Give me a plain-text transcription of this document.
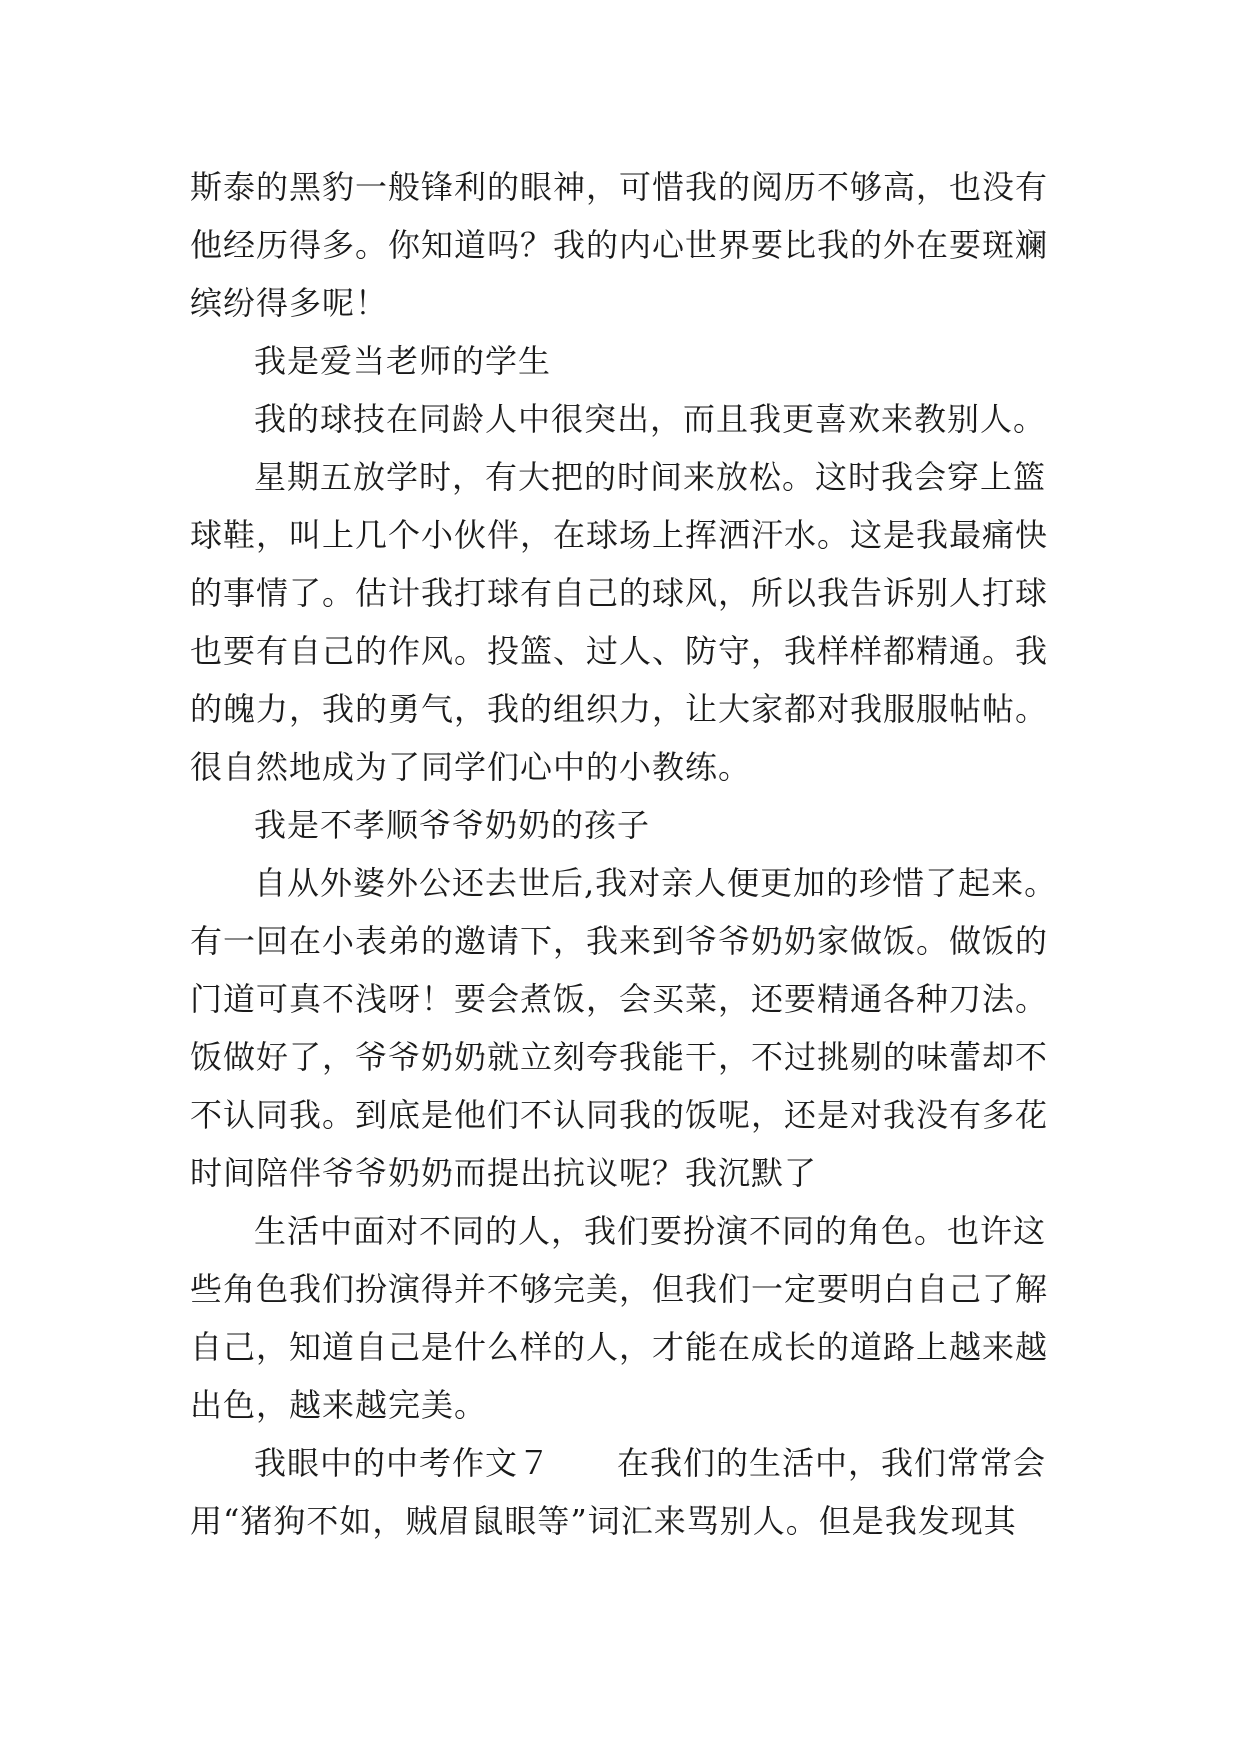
斯泰的黑豹一般锋利的眼神，可惜我的阅历不够高，也没有
他经历得多。你知道吗？我的内心世界要比我的外在要斑斓
缤纷得多呢！
我是爱当老师的学生
我的球技在同龄人中很突出，而且我更喜欢来教别人。
星期五放学时，有大把的时间来放松。这时我会穿上篮
球鞋，叫上几个小伙伴，在球场上挥洒汗水。这是我最痛快
的事情了。估计我打球有自己的球风，所以我告诉别人打球
也要有自己的作风。投篮、过人、防守，我样样都精通。我
的魄力，我的勇气，我的组织力，让大家都对我服服帖帖。
很自然地成为了同学们心中的小教练。
我是不孝顺爷爷奶奶的孩子
自从外婆外公还去世后,我对亲人便更加的珍惜了起来。
有一回在小表弟的邀请下，我来到爷爷奶奶家做饭。做饭的
门道可真不浅呀！要会煮饭，会买菜，还要精通各种刀法。
饭做好了，爷爷奶奶就立刻夸我能干，不过挑剔的味蕾却不
不认同我。到底是他们不认同我的饭呢，还是对我没有多花
时间陪伴爷爷奶奶而提出抗议呢？我沉默了
生活中面对不同的人，我们要扮演不同的角色。也许这
些角色我们扮演得并不够完美，但我们一定要明白自己了解
自己，知道自己是什么样的人，才能在成长的道路上越来越
出色，越来越完美。
我眼中的中考作文７　　在我们的生活中，我们常常会
用“猪狗不如，贼眉鼠眼等”词汇来骂别人。但是我发现其
